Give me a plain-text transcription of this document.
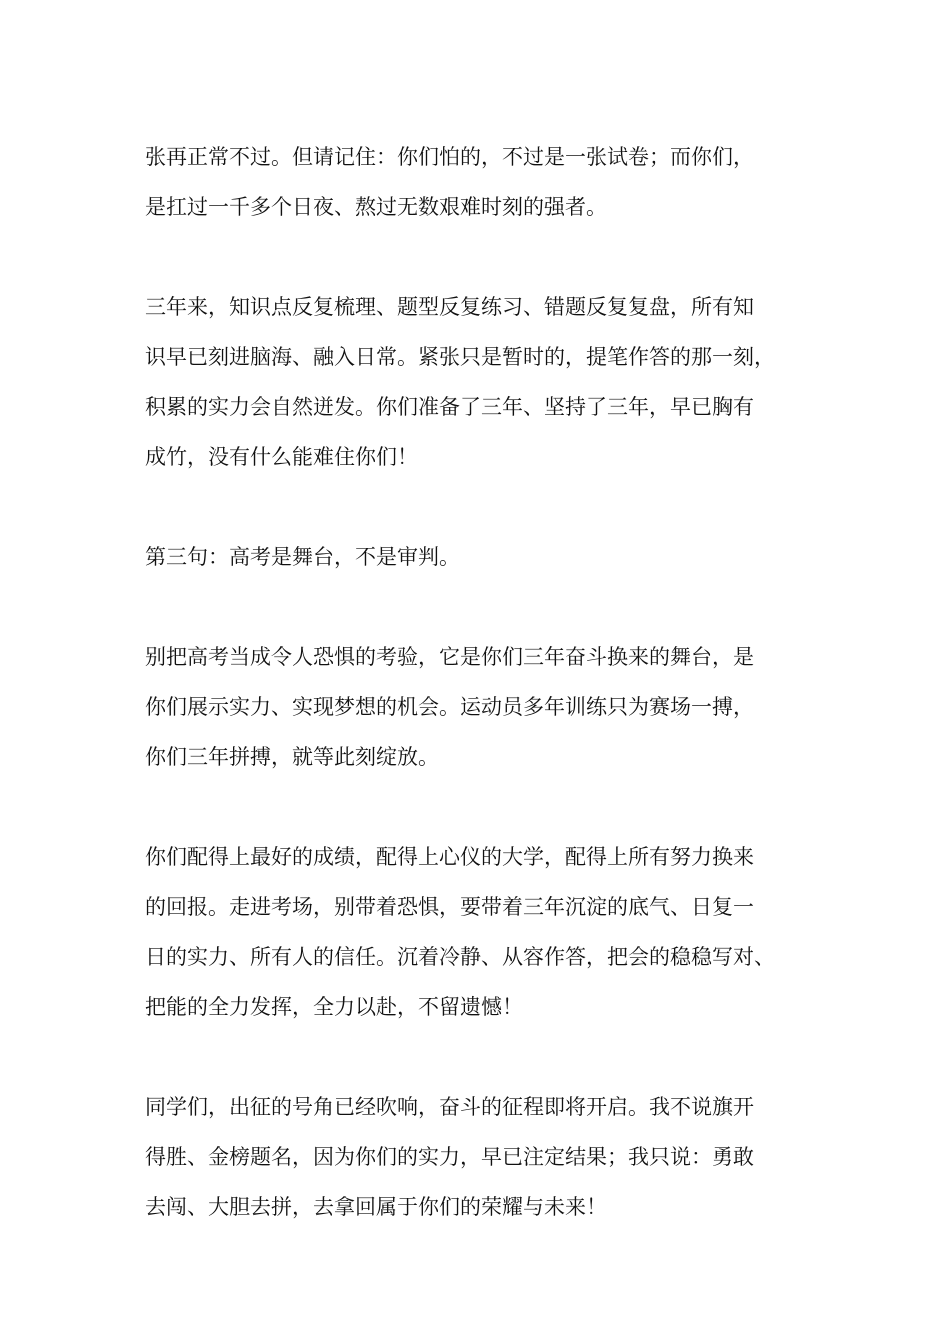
张再正常不过。但请记住：你们怕的，不过是一张试卷；而你们，
是扛过一千多个日夜、熬过无数艰难时刻的强者。
三年来，知识点反复梳理、题型反复练习、错题反复复盘，所有知
识早已刻进脑海、融入日常。紧张只是暂时的，提笔作答的那一刻，
积累的实力会自然迸发。你们准备了三年、坚持了三年，早已胸有
成竹，没有什么能难住你们！
第三句：高考是舞台，不是审判。
别把高考当成令人恐惧的考验，它是你们三年奋斗换来的舞台，是
你们展示实力、实现梦想的机会。运动员多年训练只为赛场一搏，
你们三年拼搏，就等此刻绽放。
你们配得上最好的成绩，配得上心仪的大学，配得上所有努力换来
的回报。走进考场，别带着恐惧，要带着三年沉淀的底气、日复一
日的实力、所有人的信任。沉着冷静、从容作答，把会的稳稳写对、
把能的全力发挥，全力以赴，不留遗憾！
同学们，出征的号角已经吹响，奋斗的征程即将开启。我不说旗开
得胜、金榜题名，因为你们的实力，早已注定结果；我只说：勇敢
去闯、大胆去拼，去拿回属于你们的荣耀与未来！
